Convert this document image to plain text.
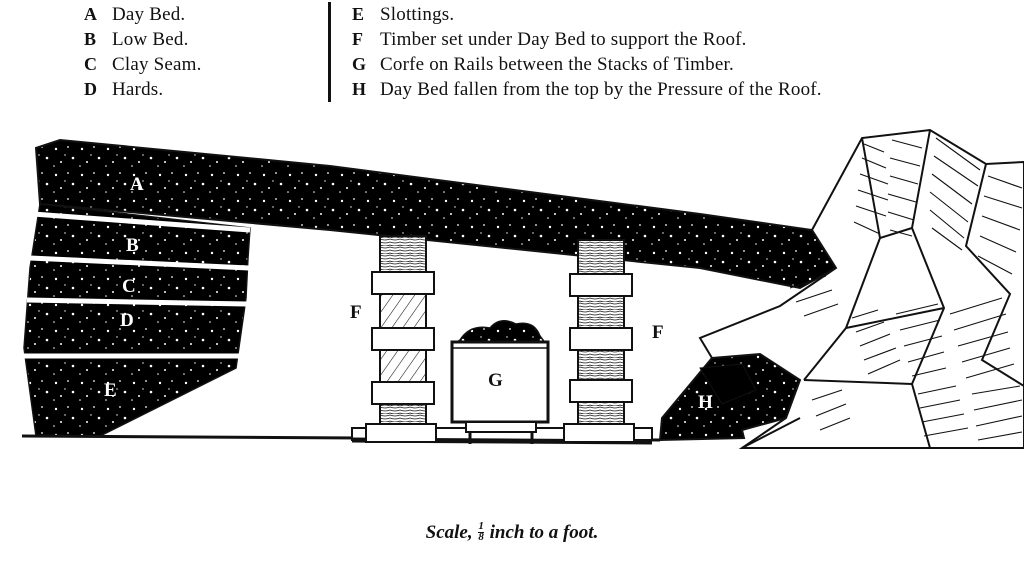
A Day Bed.
B Low Bed.
C Clay Seam.
D Hards.
E Slottings.
F Timber set under Day Bed to support the Roof.
G Corfe on Rails between the Stacks of Timber.
H Day Bed fallen from the top by the Pressure of the Roof.
A
B
C
D
E
F
F
G
H
Scale, $\frac{1}{8}$ inch to a foot.
